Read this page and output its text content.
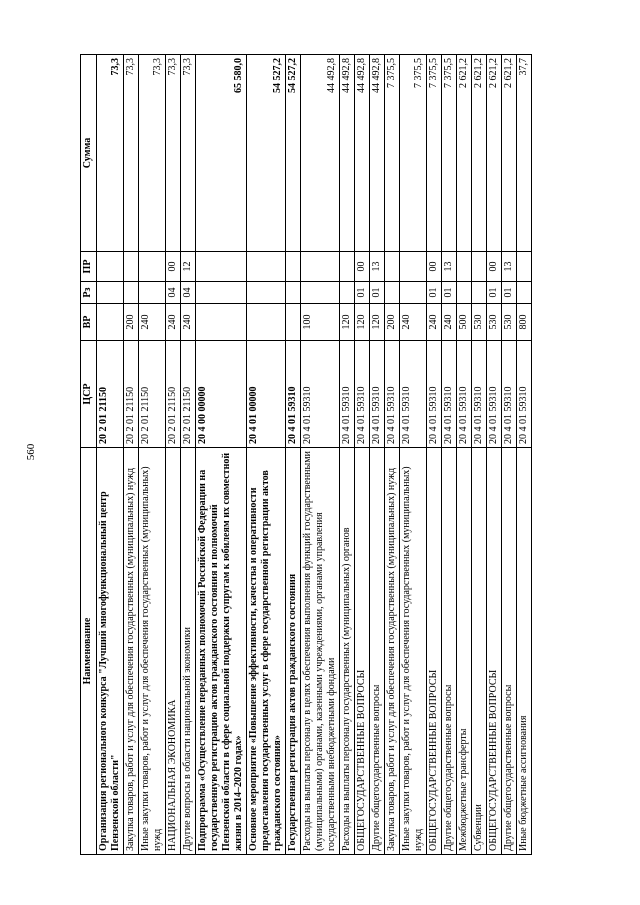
560
Наименование	ЦСР	ВР	Рз	ПР	Сумма
Организация регионального конкурса "Лучший многофункциональный центр Пензенской области"	20 2 01 21150				73,3
Закупка товаров, работ и услуг для обеспечения государственных (муниципальных) нужд	20 2 01 21150	200			73,3
Иные закупки товаров, работ и услуг для обеспечения государственных (муниципальных) нужд	20 2 01 21150	240			73,3
НАЦИОНАЛЬНАЯ ЭКОНОМИКА	20 2 01 21150	240	04	00	73,3
Другие вопросы в области национальной экономики	20 2 01 21150	240	04	12	73,3
Подпрограмма «Осуществление переданных полномочий Российской Федерации на государственную регистрацию актов гражданского состояния и полномочий Пензенской области в сфере социальной поддержки супругам к юбилеям их совместной жизни в 2014–2020 годах»	20 4 00 00000				65 580,0
Основное мероприятие «Повышение эффективности, качества и оперативности предоставления государственных услуг в сфере государственной регистрации актов гражданского состояния»	20 4 01 00000				54 527,2
Государственная регистрация актов гражданского состояния	20 4 01 59310				54 527,2
Расходы на выплаты персоналу в целях обеспечения выполнения функций государственными (муниципальными) органами, казенными учреждениями, органами управления государственными внебюджетными фондами	20 4 01 59310	100			44 492,8
Расходы на выплаты персоналу государственных (муниципальных) органов	20 4 01 59310	120			44 492,8
ОБЩЕГОСУДАРСТВЕННЫЕ ВОПРОСЫ	20 4 01 59310	120	01	00	44 492,8
Другие общегосударственные вопросы	20 4 01 59310	120	01	13	44 492,8
Закупка товаров, работ и услуг для обеспечения государственных (муниципальных) нужд	20 4 01 59310	200			7 375,5
Иные закупки товаров, работ и услуг для обеспечения государственных (муниципальных) нужд	20 4 01 59310	240			7 375,5
ОБЩЕГОСУДАРСТВЕННЫЕ ВОПРОСЫ	20 4 01 59310	240	01	00	7 375,5
Другие общегосударственные вопросы	20 4 01 59310	240	01	13	7 375,5
Межбюджетные трансферты	20 4 01 59310	500			2 621,2
Субвенции	20 4 01 59310	530			2 621,2
ОБЩЕГОСУДАРСТВЕННЫЕ ВОПРОСЫ	20 4 01 59310	530	01	00	2 621,2
Другие общегосударственные вопросы	20 4 01 59310	530	01	13	2 621,2
Иные бюджетные ассигнования	20 4 01 59310	800			37,7
